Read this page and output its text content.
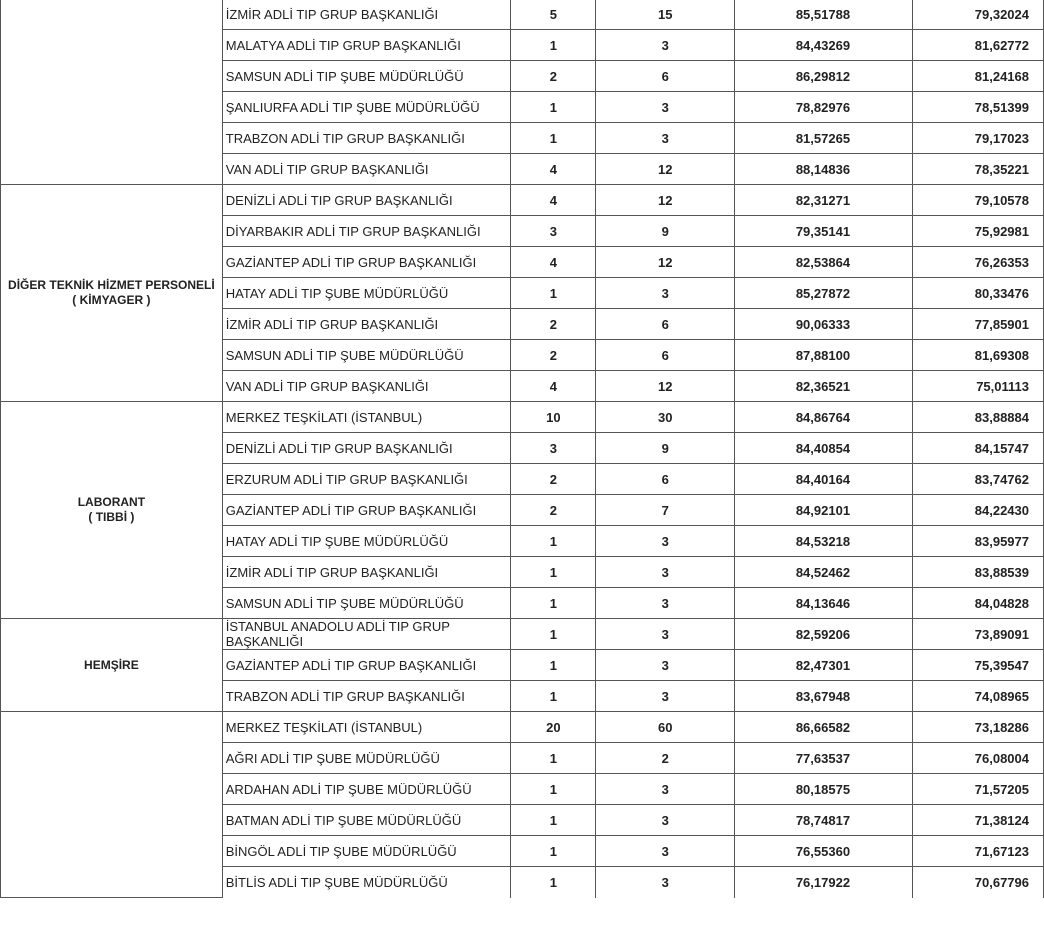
	İZMİR ADLİ TIP GRUP BAŞKANLIĞI	5	15	85,51788	79,32024
	MALATYA ADLİ TIP GRUP BAŞKANLIĞI	1	3	84,43269	81,62772
	SAMSUN ADLİ TIP ŞUBE MÜDÜRLÜĞÜ	2	6	86,29812	81,24168
	ŞANLIURFA ADLİ TIP ŞUBE MÜDÜRLÜĞÜ	1	3	78,82976	78,51399
	TRABZON ADLİ TIP GRUP BAŞKANLIĞI	1	3	81,57265	79,17023
	VAN ADLİ TIP GRUP BAŞKANLIĞI	4	12	88,14836	78,35221

DİĞER TEKNİK HİZMET PERSONELİ
( KİMYAGER )	DENİZLİ ADLİ TIP GRUP BAŞKANLIĞI	4	12	82,31271	79,10578
	DİYARBAKIR ADLİ TIP GRUP BAŞKANLIĞI	3	9	79,35141	75,92981
	GAZİANTEP ADLİ TIP GRUP BAŞKANLIĞI	4	12	82,53864	76,26353
	HATAY ADLİ TIP ŞUBE MÜDÜRLÜĞÜ	1	3	85,27872	80,33476
	İZMİR ADLİ TIP GRUP BAŞKANLIĞI	2	6	90,06333	77,85901
	SAMSUN ADLİ TIP ŞUBE MÜDÜRLÜĞÜ	2	6	87,88100	81,69308
	VAN ADLİ TIP GRUP BAŞKANLIĞI	4	12	82,36521	75,01113

LABORANT
( TIBBİ )	MERKEZ TEŞKİLATI (İSTANBUL)	10	30	84,86764	83,88884
	DENİZLİ ADLİ TIP GRUP BAŞKANLIĞI	3	9	84,40854	84,15747
	ERZURUM ADLİ TIP GRUP BAŞKANLIĞI	2	6	84,40164	83,74762
	GAZİANTEP ADLİ TIP GRUP BAŞKANLIĞI	2	7	84,92101	84,22430
	HATAY ADLİ TIP ŞUBE MÜDÜRLÜĞÜ	1	3	84,53218	83,95977
	İZMİR ADLİ TIP GRUP BAŞKANLIĞI	1	3	84,52462	83,88539
	SAMSUN ADLİ TIP ŞUBE MÜDÜRLÜĞÜ	1	3	84,13646	84,04828

HEMŞİRE	İSTANBUL ANADOLU ADLİ TIP GRUP BAŞKANLIĞI	1	3	82,59206	73,89091
	GAZİANTEP ADLİ TIP GRUP BAŞKANLIĞI	1	3	82,47301	75,39547
	TRABZON ADLİ TIP GRUP BAŞKANLIĞI	1	3	83,67948	74,08965
	MERKEZ TEŞKİLATI (İSTANBUL)	20	60	86,66582	73,18286
	AĞRI ADLİ TIP ŞUBE MÜDÜRLÜĞÜ	1	2	77,63537	76,08004
	ARDAHAN ADLİ TIP ŞUBE MÜDÜRLÜĞÜ	1	3	80,18575	71,57205
	BATMAN ADLİ TIP ŞUBE MÜDÜRLÜĞÜ	1	3	78,74817	71,38124
	BİNGÖL ADLİ TIP ŞUBE MÜDÜRLÜĞÜ	1	3	76,55360	71,67123
	BİTLİS ADLİ TIP ŞUBE MÜDÜRLÜĞÜ	1	3	76,17922	70,67796
